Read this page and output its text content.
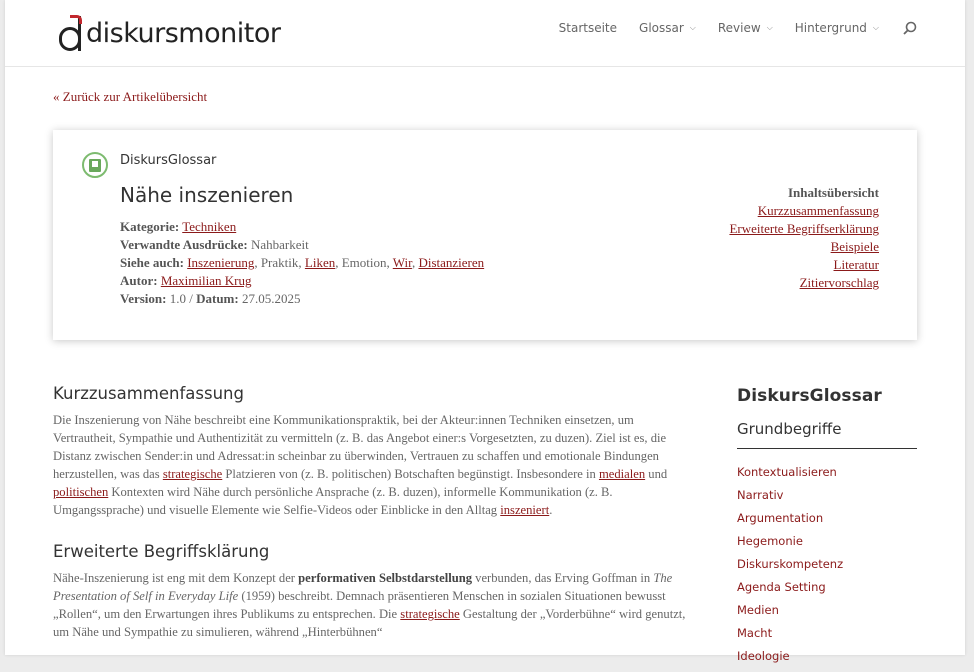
diskursmonitor	Startseite Glossar ⌵ Review ⌵ Hintergrund ⌵
« Zurück zur Artikelübersicht
DiskursGlossar
Nähe inszenieren
Kategorie: Techniken
Verwandte Ausdrücke: Nahbarkeit
Siehe auch: Inszenierung, Praktik, Liken, Emotion, Wir, Distanzieren
Autor: Maximilian Krug
Version: 1.0 / Datum: 27.05.2025
Inhaltsübersicht
Kurzzusammenfassung
Erweiterte Begriffserklärung
Beispiele
Literatur
Zitiervorschlag
Kurzzusammenfassung

Die Inszenierung von Nähe beschreibt eine Kommunikationspraktik, bei der Akteur:innen Techniken einsetzen, um Vertrautheit, Sympathie und Authentizität zu vermitteln (z. B. das Angebot einer:s Vorgesetzten, zu duzen). Ziel ist es, die Distanz zwischen Sender:in und Adressat:in scheinbar zu überwinden, Vertrauen zu schaffen und emotionale Bindungen herzustellen, was das strategische Platzieren von (z. B. politischen) Botschaften begünstigt. Insbesondere in medialen und politischen Kontexten wird Nähe durch persönliche Ansprache (z. B. duzen), informelle Kommunikation (z. B. Umgangssprache) und visuelle Elemente wie Selfie-Videos oder Einblicke in den Alltag inszeniert.

Erweiterte Begriffsklärung

Nähe-Inszenierung ist eng mit dem Konzept der performativen Selbstdarstellung verbunden, das Erving Goffman in The Presentation of Self in Everyday Life (1959) beschreibt. Demnach präsentieren Menschen in sozialen Situationen bewusst „Rollen“, um den Erwartungen ihres Publikums zu entsprechen. Die strategische Gestaltung der „Vorderbühne“ wird genutzt, um Nähe und Sympathie zu simulieren, während „Hinterbühnen“

DiskursGlossar
Grundbegriffe
Kontextualisieren
Narrativ
Argumentation
Hegemonie
Diskurskompetenz
Agenda Setting
Medien
Macht
Ideologie
